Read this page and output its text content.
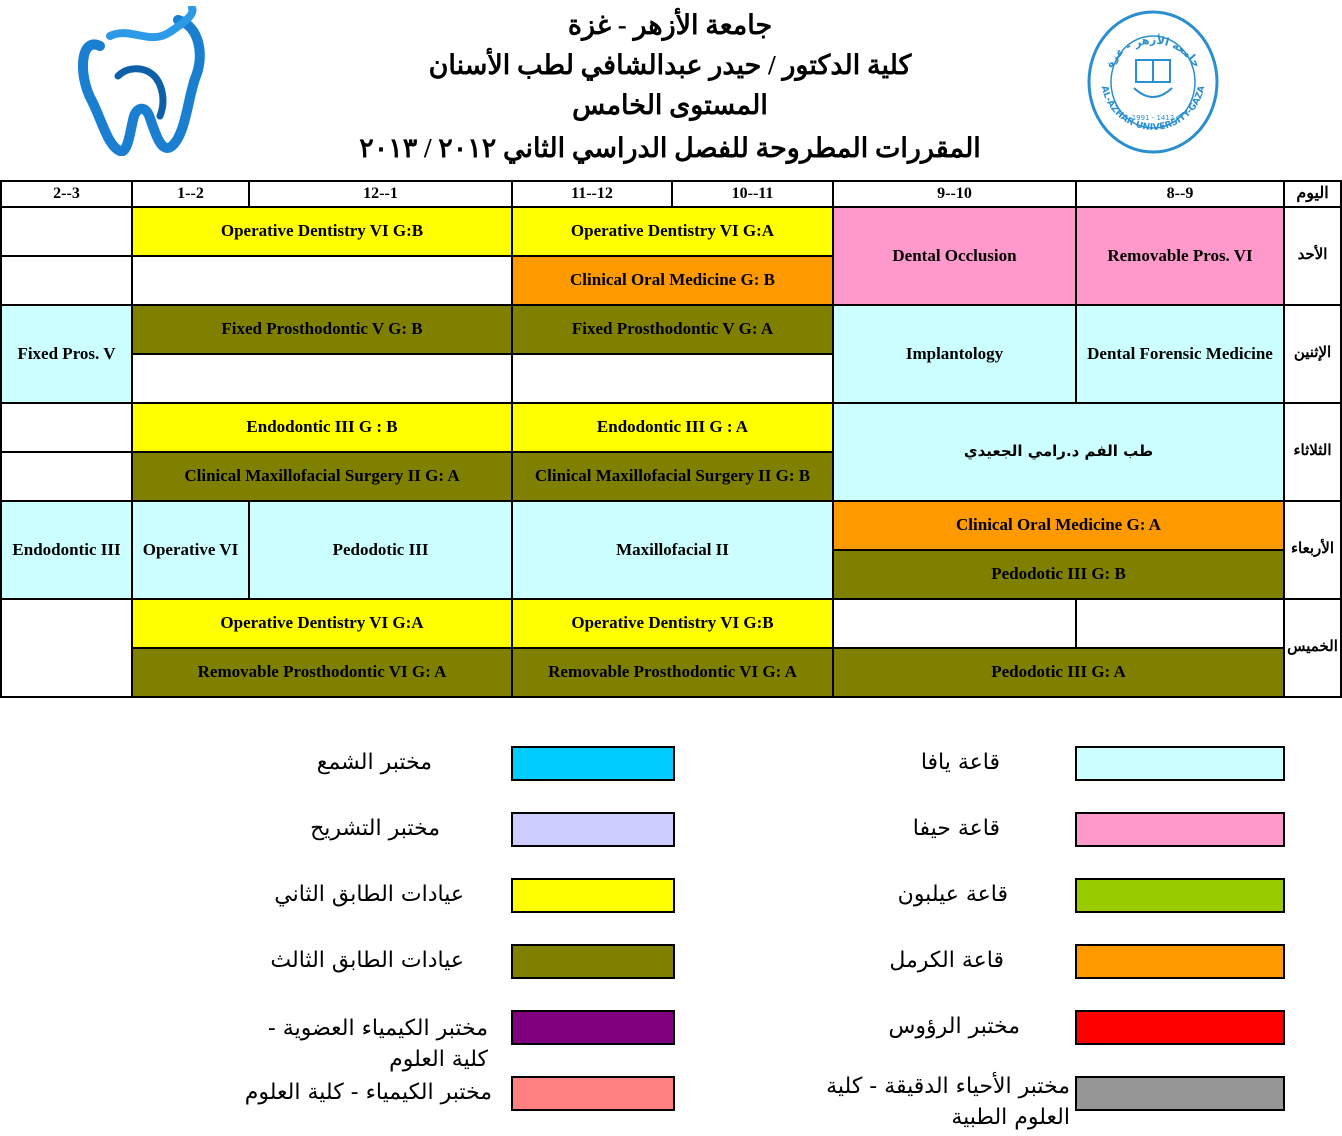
جامعة الأزهر - غزة
كلية الدكتور / حيدر عبدالشافي لطب الأسنان
المستوى الخامس
المقررات المطروحة للفصل الدراسي الثاني ٢٠١٢ / ٢٠١٣
جامعة الأزهر - غزة
AL-AZHAR UNIVERSITY-GAZA
1991 - 1412
اليوم
8--9
9--10
10--11
11--12
12--1
1--2
2--3
الأحد
Removable Pros. VI
Dental Occlusion
Operative Dentistry VI G:A
Operative Dentistry VI G:B
Clinical Oral Medicine G: B
الإثنين
Dental Forensic Medicine
Implantology
Fixed Prosthodontic V G: A
Fixed Prosthodontic V G: B
Fixed Pros. V
الثلاثاء
طب الفم د.رامي الجعيدي
Endodontic III G : A
Endodontic III G : B
Clinical Maxillofacial Surgery II G: B
Clinical Maxillofacial Surgery II G: A
الأربعاء
Clinical Oral Medicine G: A
Pedodotic III G: B
Maxillofacial II
Pedodotic III
Operative VI
Endodontic III
الخميس
Operative Dentistry VI G:B
Operative Dentistry VI G:A
Pedodotic III G: A
Removable Prosthodontic VI G: A
Removable Prosthodontic VI G: A
قاعة يافا
قاعة حيفا
قاعة عيلبون
قاعة الكرمل
مختبر الرؤوس
مختبر الأحياء الدقيقة - كلية العلوم الطبية
مختبر الشمع
مختبر التشريح
عيادات الطابق الثاني
عيادات الطابق الثالث
مختبر الكيمياء العضوية - كلية العلوم
مختبر الكيمياء - كلية العلوم
